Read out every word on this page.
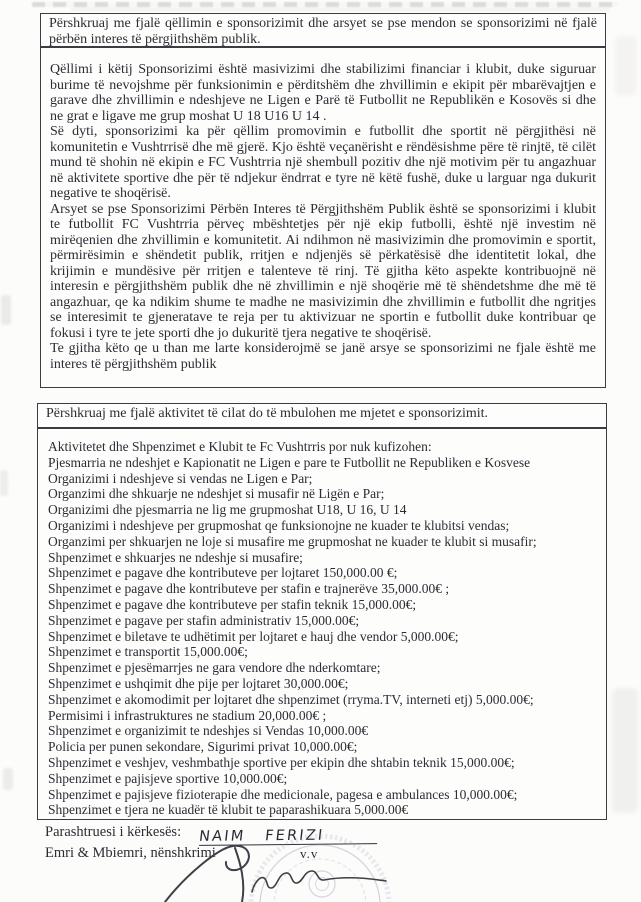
Përshkruaj me fjalë qëllimin e sponsorizimit dhe arsyet se pse mendon se sponsorizimi në fjalë përbën interes të përgjithshëm publik.

Qëllimi i këtij Sponsorizimi është masivizimi dhe stabilizimi financiar i klubit, duke siguruar burime të nevojshme për funksionimin e përditshëm dhe zhvillimin e ekipit për mbarëvajtjen e garave dhe zhvillimin e ndeshjeve ne Ligen e Parë të Futbollit ne Republikën e Kosovës si dhe ne grat e ligave me grup moshat U 18 U16 U 14 .

Së dyti, sponsorizimi ka për qëllim promovimin e futbollit dhe sportit në përgjithësi në komunitetin e Vushtrrisë dhe më gjerë. Kjo është veçanërisht e rëndësishme përe të rinjtë, të cilët mund të shohin në ekipin e FC Vushtrria një shembull pozitiv dhe një motivim për tu angazhuar në aktivitete sportive dhe për të ndjekur ëndrrat e tyre në këtë fushë, duke u larguar nga dukurit negative te shoqërisë.

Arsyet se pse Sponsorizimi Përbën Interes të Përgjithshëm Publik është se sponsorizimi i klubit te futbollit FC Vushtrria përveç mbështetjes për një ekip futbolli, është një investim në mirëqenien dhe zhvillimin e komunitetit. Ai ndihmon në masivizimin dhe promovimin e sportit, përmirësimin e shëndetit publik, rritjen e ndjenjës së përkatësisë dhe identitetit lokal, dhe krijimin e mundësive për rritjen e talenteve të rinj. Të gjitha këto aspekte kontribuojnë në interesin e përgjithshëm publik dhe në zhvillimin e një shoqërie më të shëndetshme dhe më të angazhuar, qe ka ndikim shume te madhe ne masivizimin dhe zhvillimin e futbollit dhe ngritjes se interesimit te gjeneratave te reja per tu aktivizuar ne sportin e futbollit duke kontribuar qe fokusi i tyre te jete sporti dhe jo dukuritë tjera negative te shoqërisë.

Te gjitha këto qe u than me larte konsiderojmë se janë arsye se sponsorizimi ne fjale është me interes të përgjithshëm publik

Përshkruaj me fjalë aktivitet të cilat do të mbulohen me mjetet e sponsorizimit.
Aktivitetet dhe Shpenzimet e Klubit te Fc Vushtrris por nuk kufizohen:
Pjesmarria ne ndeshjet e Kapionatit ne Ligen e pare te Futbollit ne Republiken e Kosvese
Organizimi i ndeshjeve si vendas ne Ligen e Par;
Organzimi dhe shkuarje ne ndeshjet si musafir në Ligën e Par;
Organizimi dhe pjesmarria ne lig me grupmoshat U18, U 16, U 14
Organizimi i ndeshjeve per grupmoshat qe funksionojne ne kuader te klubitsi vendas;
Organzimi per shkuarjen ne loje si musafire me grupmoshat ne kuader te klubit si musafir;
Shpenzimet e shkuarjes ne ndeshje si musafire;
Shpenzimet e pagave dhe kontributeve per lojtaret 150,000.00 €;
Shpenzimet e pagave dhe kontributeve per stafin e trajnerëve 35,000.00€ ;
Shpenzimet e pagave dhe kontributeve per stafin teknik 15,000.00€;
Shpenzimet e pagave per stafin administrativ 15,000.00€;
Shpenzimet e biletave te udhëtimit per lojtaret e hauj dhe vendor 5,000.00€;
Shpenzimet e transportit 15,000.00€;
Shpenzimet e pjesëmarrjes ne gara vendore dhe nderkomtare;
Shpenzimet e ushqimit dhe pije per lojtaret 30,000.00€;
Shpenzimet e akomodimit per lojtaret dhe shpenzimet (rryma.TV, interneti etj) 5,000.00€;
Permisimi i infrastruktures ne stadium 20,000.00€ ;
Shpenzimet e organizimit te ndeshjes si Vendas 10,000.00€
Policia per punen sekondare, Sigurimi privat 10,000.00€;
Shpenzimet e veshjev, veshmbathje sportive per ekipin dhe shtabin teknik 15,000.00€;
Shpenzimet e pajisjeve sportive 10,000.00€;
Shpenzimet e pajisjeve fizioterapie dhe medicionale, pagesa e ambulances 10,000.00€;
Shpenzimet e tjera ne kuadër të klubit te paparashikuara 5,000.00€
Parashtruesi i kërkesës: NAIM FERIZI
Emri & Mbiemri, nënshkrimi	v.v
